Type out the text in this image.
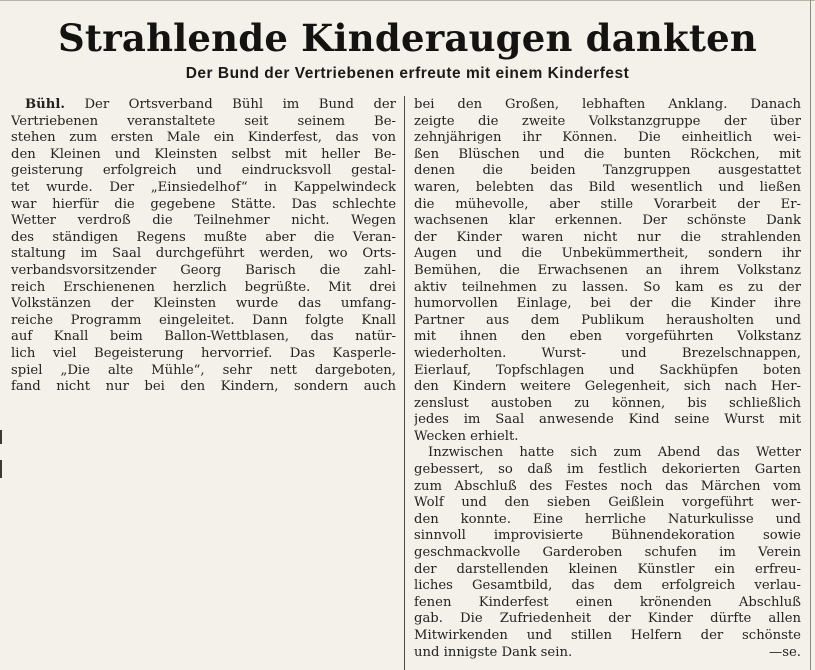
Strahlende Kinderaugen dankten
Der Bund der Vertriebenen erfreute mit einem Kinderfest
Bühl. Der Ortsverband Bühl im Bund der
Vertriebenen veranstaltete seit seinem Be-
stehen zum ersten Male ein Kinderfest, das von
den Kleinen und Kleinsten selbst mit heller Be-
geisterung erfolgreich und eindrucksvoll gestal-
tet wurde. Der „Einsiedelhof“ in Kappelwindeck
war hierfür die gegebene Stätte. Das schlechte
Wetter verdroß die Teilnehmer nicht. Wegen
des ständigen Regens mußte aber die Veran-
staltung im Saal durchgeführt werden, wo Orts-
verbandsvorsitzender Georg Barisch die zahl-
reich Erschienenen herzlich begrüßte. Mit drei
Volkstänzen der Kleinsten wurde das umfang-
reiche Programm eingeleitet. Dann folgte Knall
auf Knall beim Ballon-Wettblasen, das natür-
lich viel Begeisterung hervorrief. Das Kasperle-
spiel „Die alte Mühle“, sehr nett dargeboten,
fand nicht nur bei den Kindern, sondern auch
bei den Großen, lebhaften Anklang. Danach
zeigte die zweite Volkstanzgruppe der über
zehnjährigen ihr Können. Die einheitlich wei-
ßen Blüschen und die bunten Röckchen, mit
denen die beiden Tanzgruppen ausgestattet
waren, belebten das Bild wesentlich und ließen
die mühevolle, aber stille Vorarbeit der Er-
wachsenen klar erkennen. Der schönste Dank
der Kinder waren nicht nur die strahlenden
Augen und die Unbekümmertheit, sondern ihr
Bemühen, die Erwachsenen an ihrem Volkstanz
aktiv teilnehmen zu lassen. So kam es zu der
humorvollen Einlage, bei der die Kinder ihre
Partner aus dem Publikum herausholten und
mit ihnen den eben vorgeführten Volkstanz
wiederholten. Wurst- und Brezelschnappen,
Eierlauf, Topfschlagen und Sackhüpfen boten
den Kindern weitere Gelegenheit, sich nach Her-
zenslust austoben zu können, bis schließlich
jedes im Saal anwesende Kind seine Wurst mit
Wecken erhielt.
Inzwischen hatte sich zum Abend das Wetter
gebessert, so daß im festlich dekorierten Garten
zum Abschluß des Festes noch das Märchen vom
Wolf und den sieben Geißlein vorgeführt wer-
den konnte. Eine herrliche Naturkulisse und
sinnvoll improvisierte Bühnendekoration sowie
geschmackvolle Garderoben schufen im Verein
der darstellenden kleinen Künstler ein erfreu-
liches Gesamtbild, das dem erfolgreich verlau-
fenen Kinderfest einen krönenden Abschluß
gab. Die Zufriedenheit der Kinder dürfte allen
Mitwirkenden und stillen Helfern der schönste
und innigste Dank sein.	—se.
